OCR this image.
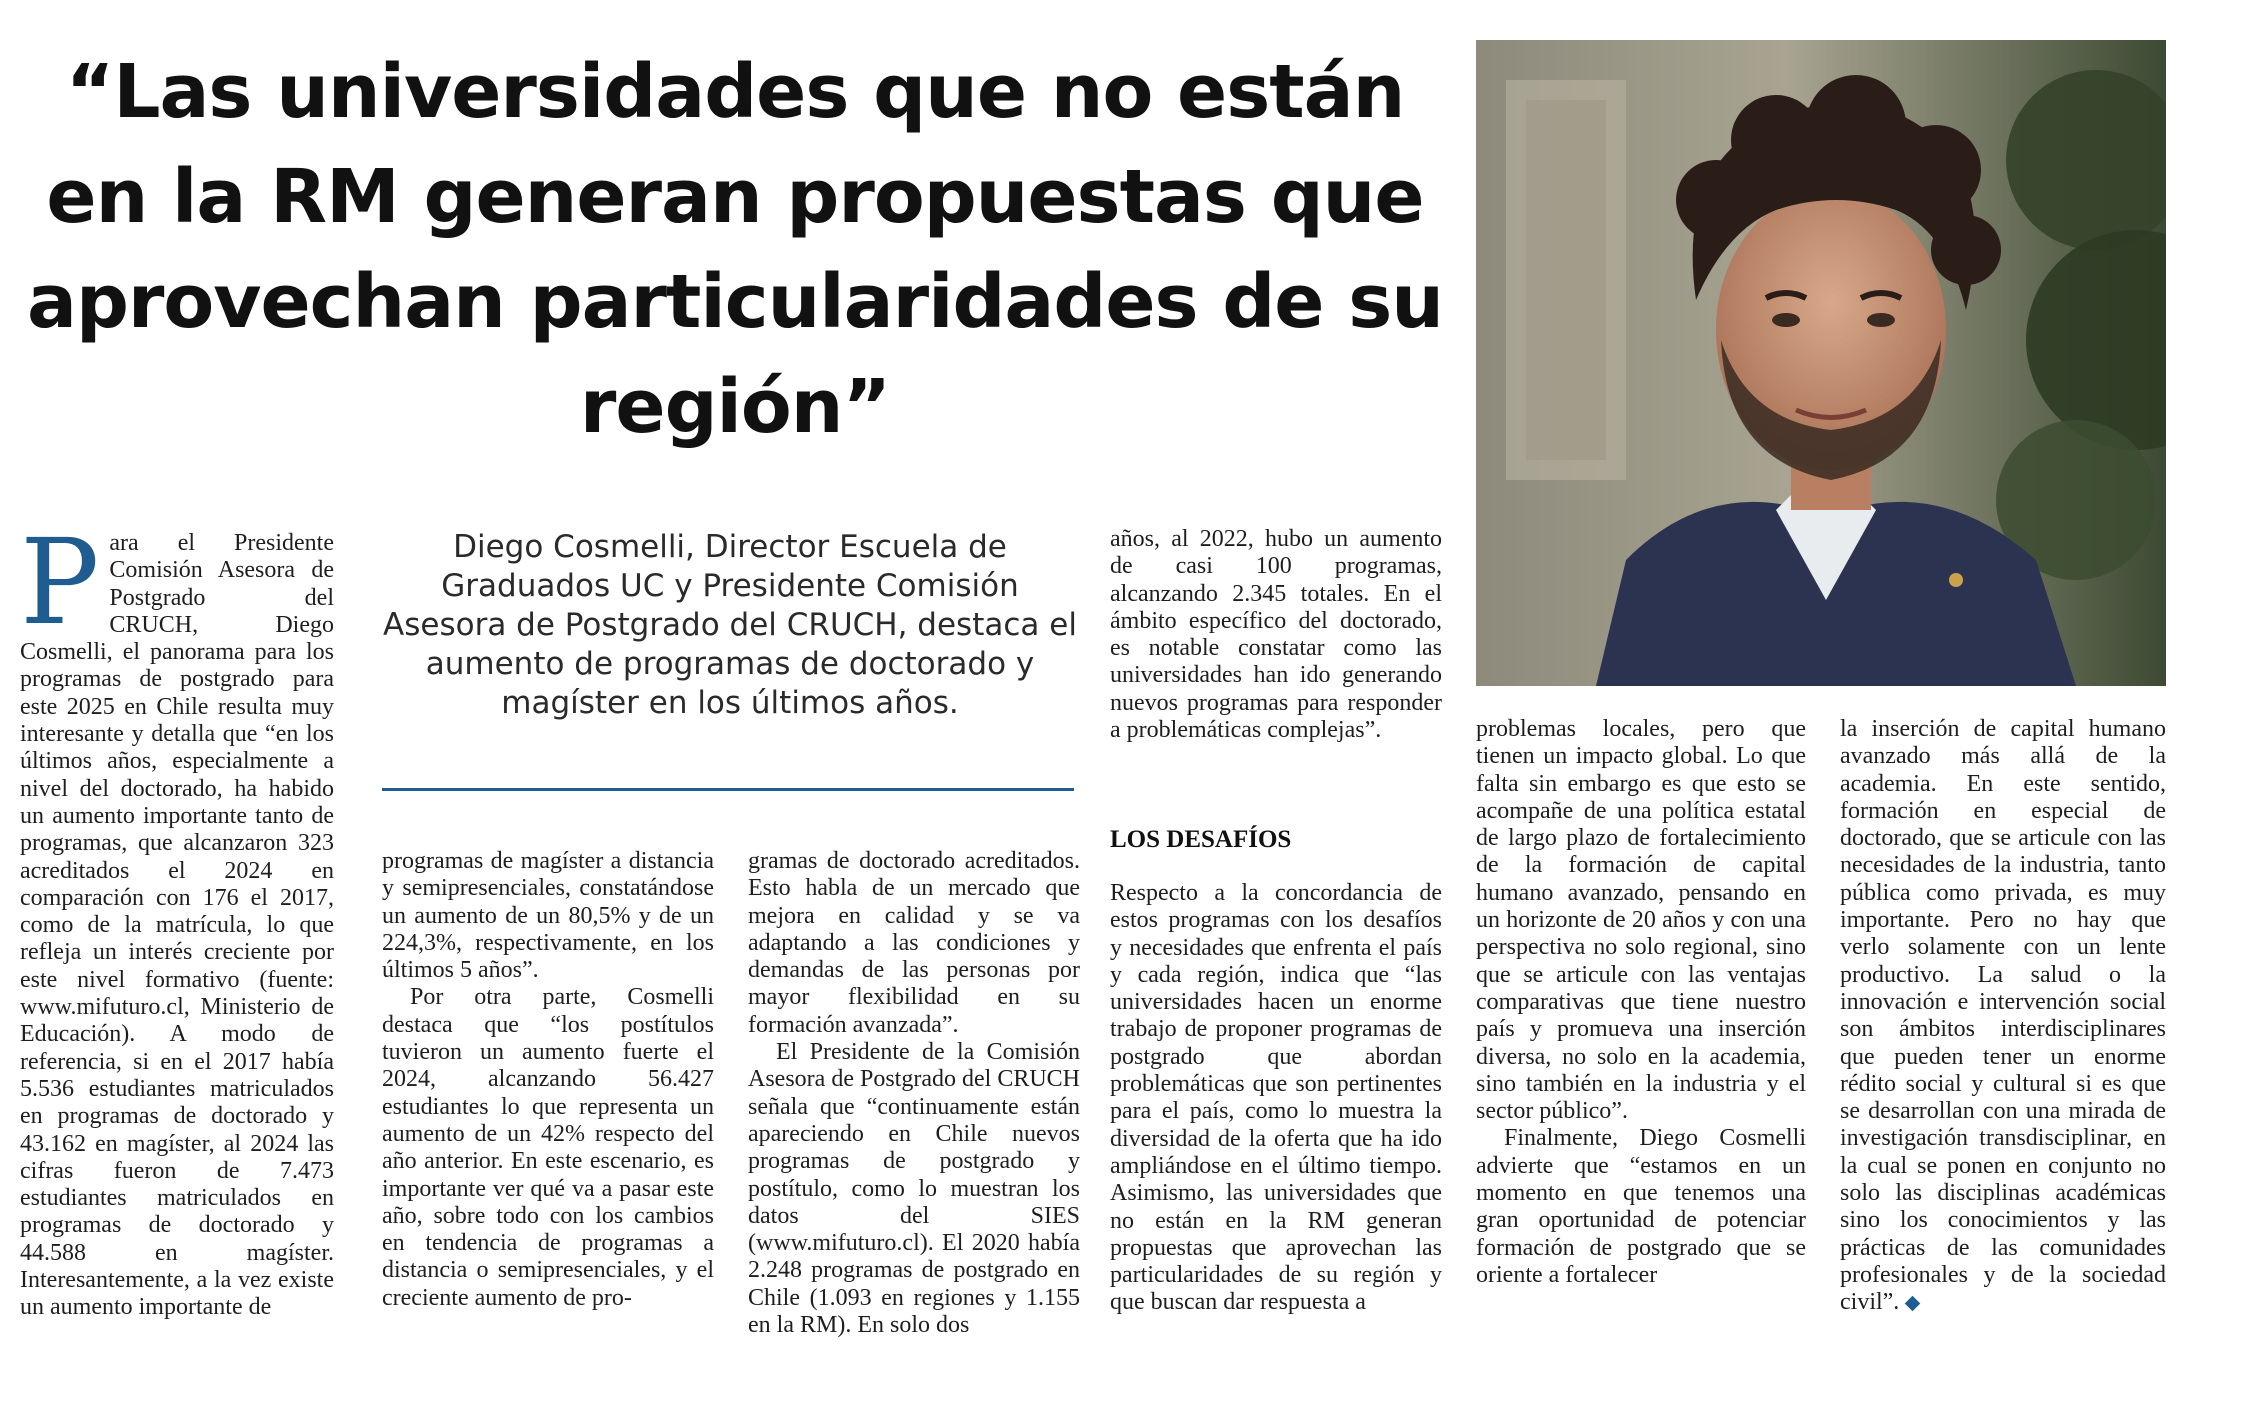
“Las universidades que no están en la RM generan propuestas que aprovechan particularidades de su región”

Para el Presidente Comisión Asesora de Postgrado del CRUCH, Diego Cosmelli, el panorama para los programas de postgrado para este 2025 en Chile resulta muy interesante y detalla que “en los últimos años, especialmente a nivel del doctorado, ha habido un aumento importante tanto de programas, que alcanzaron 323 acreditados el 2024 en comparación con 176 el 2017, como de la matrícula, lo que refleja un interés creciente por este nivel formativo (fuente: www.mifuturo.cl, Ministerio de Educación). A modo de referencia, si en el 2017 había 5.536 estudiantes matriculados en programas de doctorado y 43.162 en magíster, al 2024 las cifras fueron de 7.473 estudiantes matriculados en programas de doctorado y 44.588 en magíster. Interesantemente, a la vez existe un aumento importante de

Diego Cosmelli, Director Escuela de Graduados UC y Presidente Comisión Asesora de Postgrado del CRUCH, destaca el aumento de programas de doctorado y magíster en los últimos años.

programas de magíster a distancia y semipresenciales, constatándose un aumento de un 80,5% y de un 224,3%, respectivamente, en los últimos 5 años”.

Por otra parte, Cosmelli destaca que “los postítulos tuvieron un aumento fuerte el 2024, alcanzando 56.427 estudiantes lo que representa un aumento de un 42% respecto del año anterior. En este escenario, es importante ver qué va a pasar este año, sobre todo con los cambios en tendencia de programas a distancia o semipresenciales, y el creciente aumento de pro-

gramas de doctorado acreditados. Esto habla de un mercado que mejora en calidad y se va adaptando a las condiciones y demandas de las personas por mayor flexibilidad en su formación avanzada”.

El Presidente de la Comisión Asesora de Postgrado del CRUCH señala que “continuamente están apareciendo en Chile nuevos programas de postgrado y postítulo, como lo muestran los datos del SIES (www.mifuturo.cl). El 2020 había 2.248 programas de postgrado en Chile (1.093 en regiones y 1.155 en la RM). En solo dos

años, al 2022, hubo un aumento de casi 100 programas, alcanzando 2.345 totales. En el ámbito específico del doctorado, es notable constatar como las universidades han ido generando nuevos programas para responder a problemáticas complejas”.

LOS DESAFÍOS

Respecto a la concordancia de estos programas con los desafíos y necesidades que enfrenta el país y cada región, indica que “las universidades hacen un enorme trabajo de proponer programas de postgrado que abordan problemáticas que son pertinentes para el país, como lo muestra la diversidad de la oferta que ha ido ampliándose en el último tiempo. Asimismo, las universidades que no están en la RM generan propuestas que aprovechan las particularidades de su región y que buscan dar respuesta a

problemas locales, pero que tienen un impacto global. Lo que falta sin embargo es que esto se acompañe de una política estatal de largo plazo de fortalecimiento de la formación de capital humano avanzado, pensando en un horizonte de 20 años y con una perspectiva no solo regional, sino que se articule con las ventajas comparativas que tiene nuestro país y promueva una inserción diversa, no solo en la academia, sino también en la industria y el sector público”.

Finalmente, Diego Cosmelli advierte que “estamos en un momento en que tenemos una gran oportunidad de potenciar formación de postgrado que se oriente a fortalecer

la inserción de capital humano avanzado más allá de la academia. En este sentido, formación en especial de doctorado, que se articule con las necesidades de la industria, tanto pública como privada, es muy importante. Pero no hay que verlo solamente con un lente productivo. La salud o la innovación e intervención social son ámbitos interdisciplinares que pueden tener un enorme rédito social y cultural si es que se desarrollan con una mirada de investigación transdisciplinar, en la cual se ponen en conjunto no solo las disciplinas académicas sino los conocimientos y las prácticas de las comunidades profesionales y de la sociedad civil”.
